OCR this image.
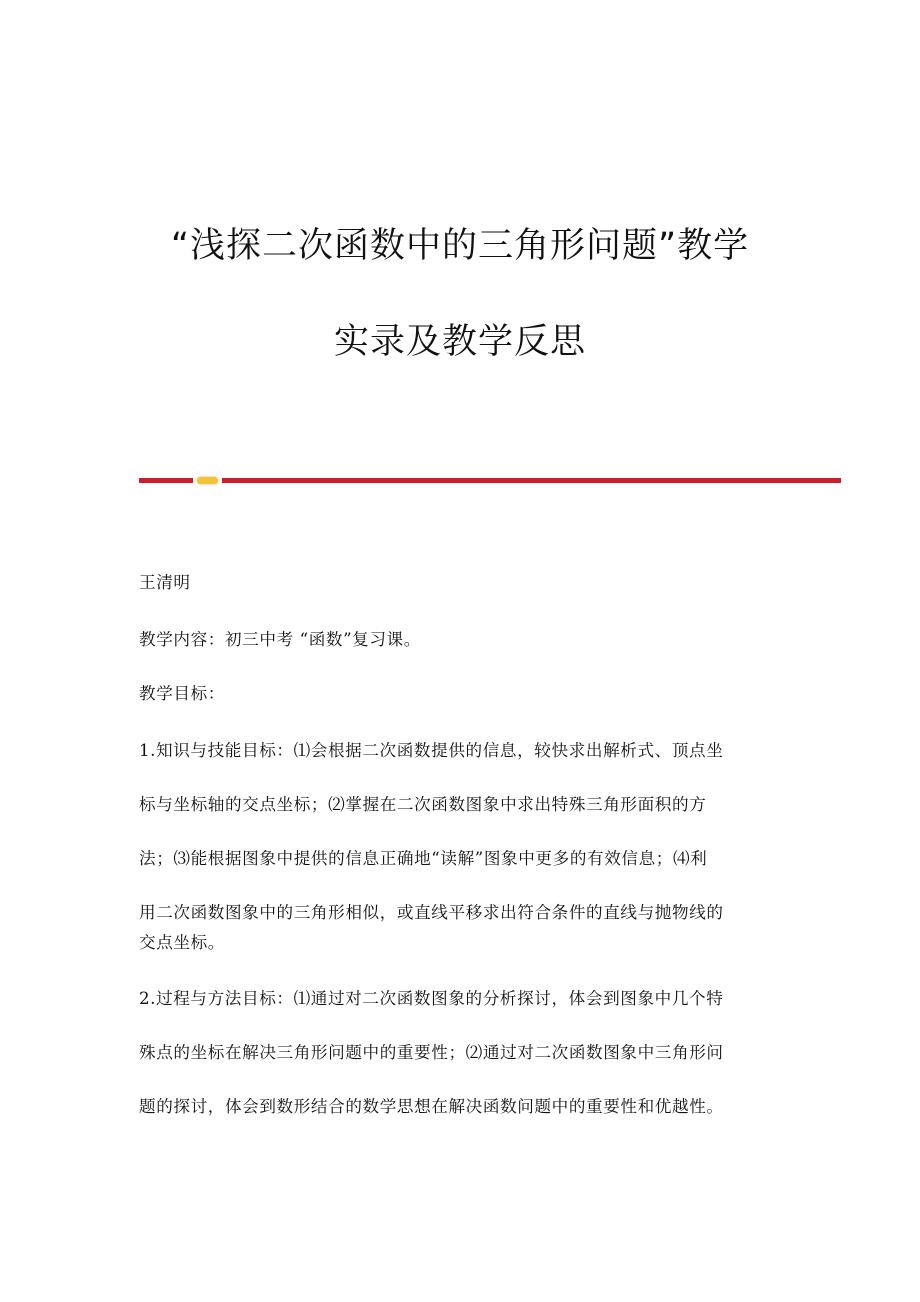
“浅探二次函数中的三角形问题”教学
实录及教学反思
王清明
教学内容：初三中考 “函数”复习课。
教学目标：
1.知识与技能目标：⑴会根据二次函数提供的信息，较快求出解析式、顶点坐
标与坐标轴的交点坐标；⑵掌握在二次函数图象中求出特殊三角形面积的方
法；⑶能根据图象中提供的信息正确地“读解”图象中更多的有效信息；⑷利
用二次函数图象中的三角形相似，或直线平移求出符合条件的直线与抛物线的
交点坐标。
2.过程与方法目标：⑴通过对二次函数图象的分析探讨，体会到图象中几个特
殊点的坐标在解决三角形问题中的重要性；⑵通过对二次函数图象中三角形问
题的探讨，体会到数形结合的数学思想在解决函数问题中的重要性和优越性。
